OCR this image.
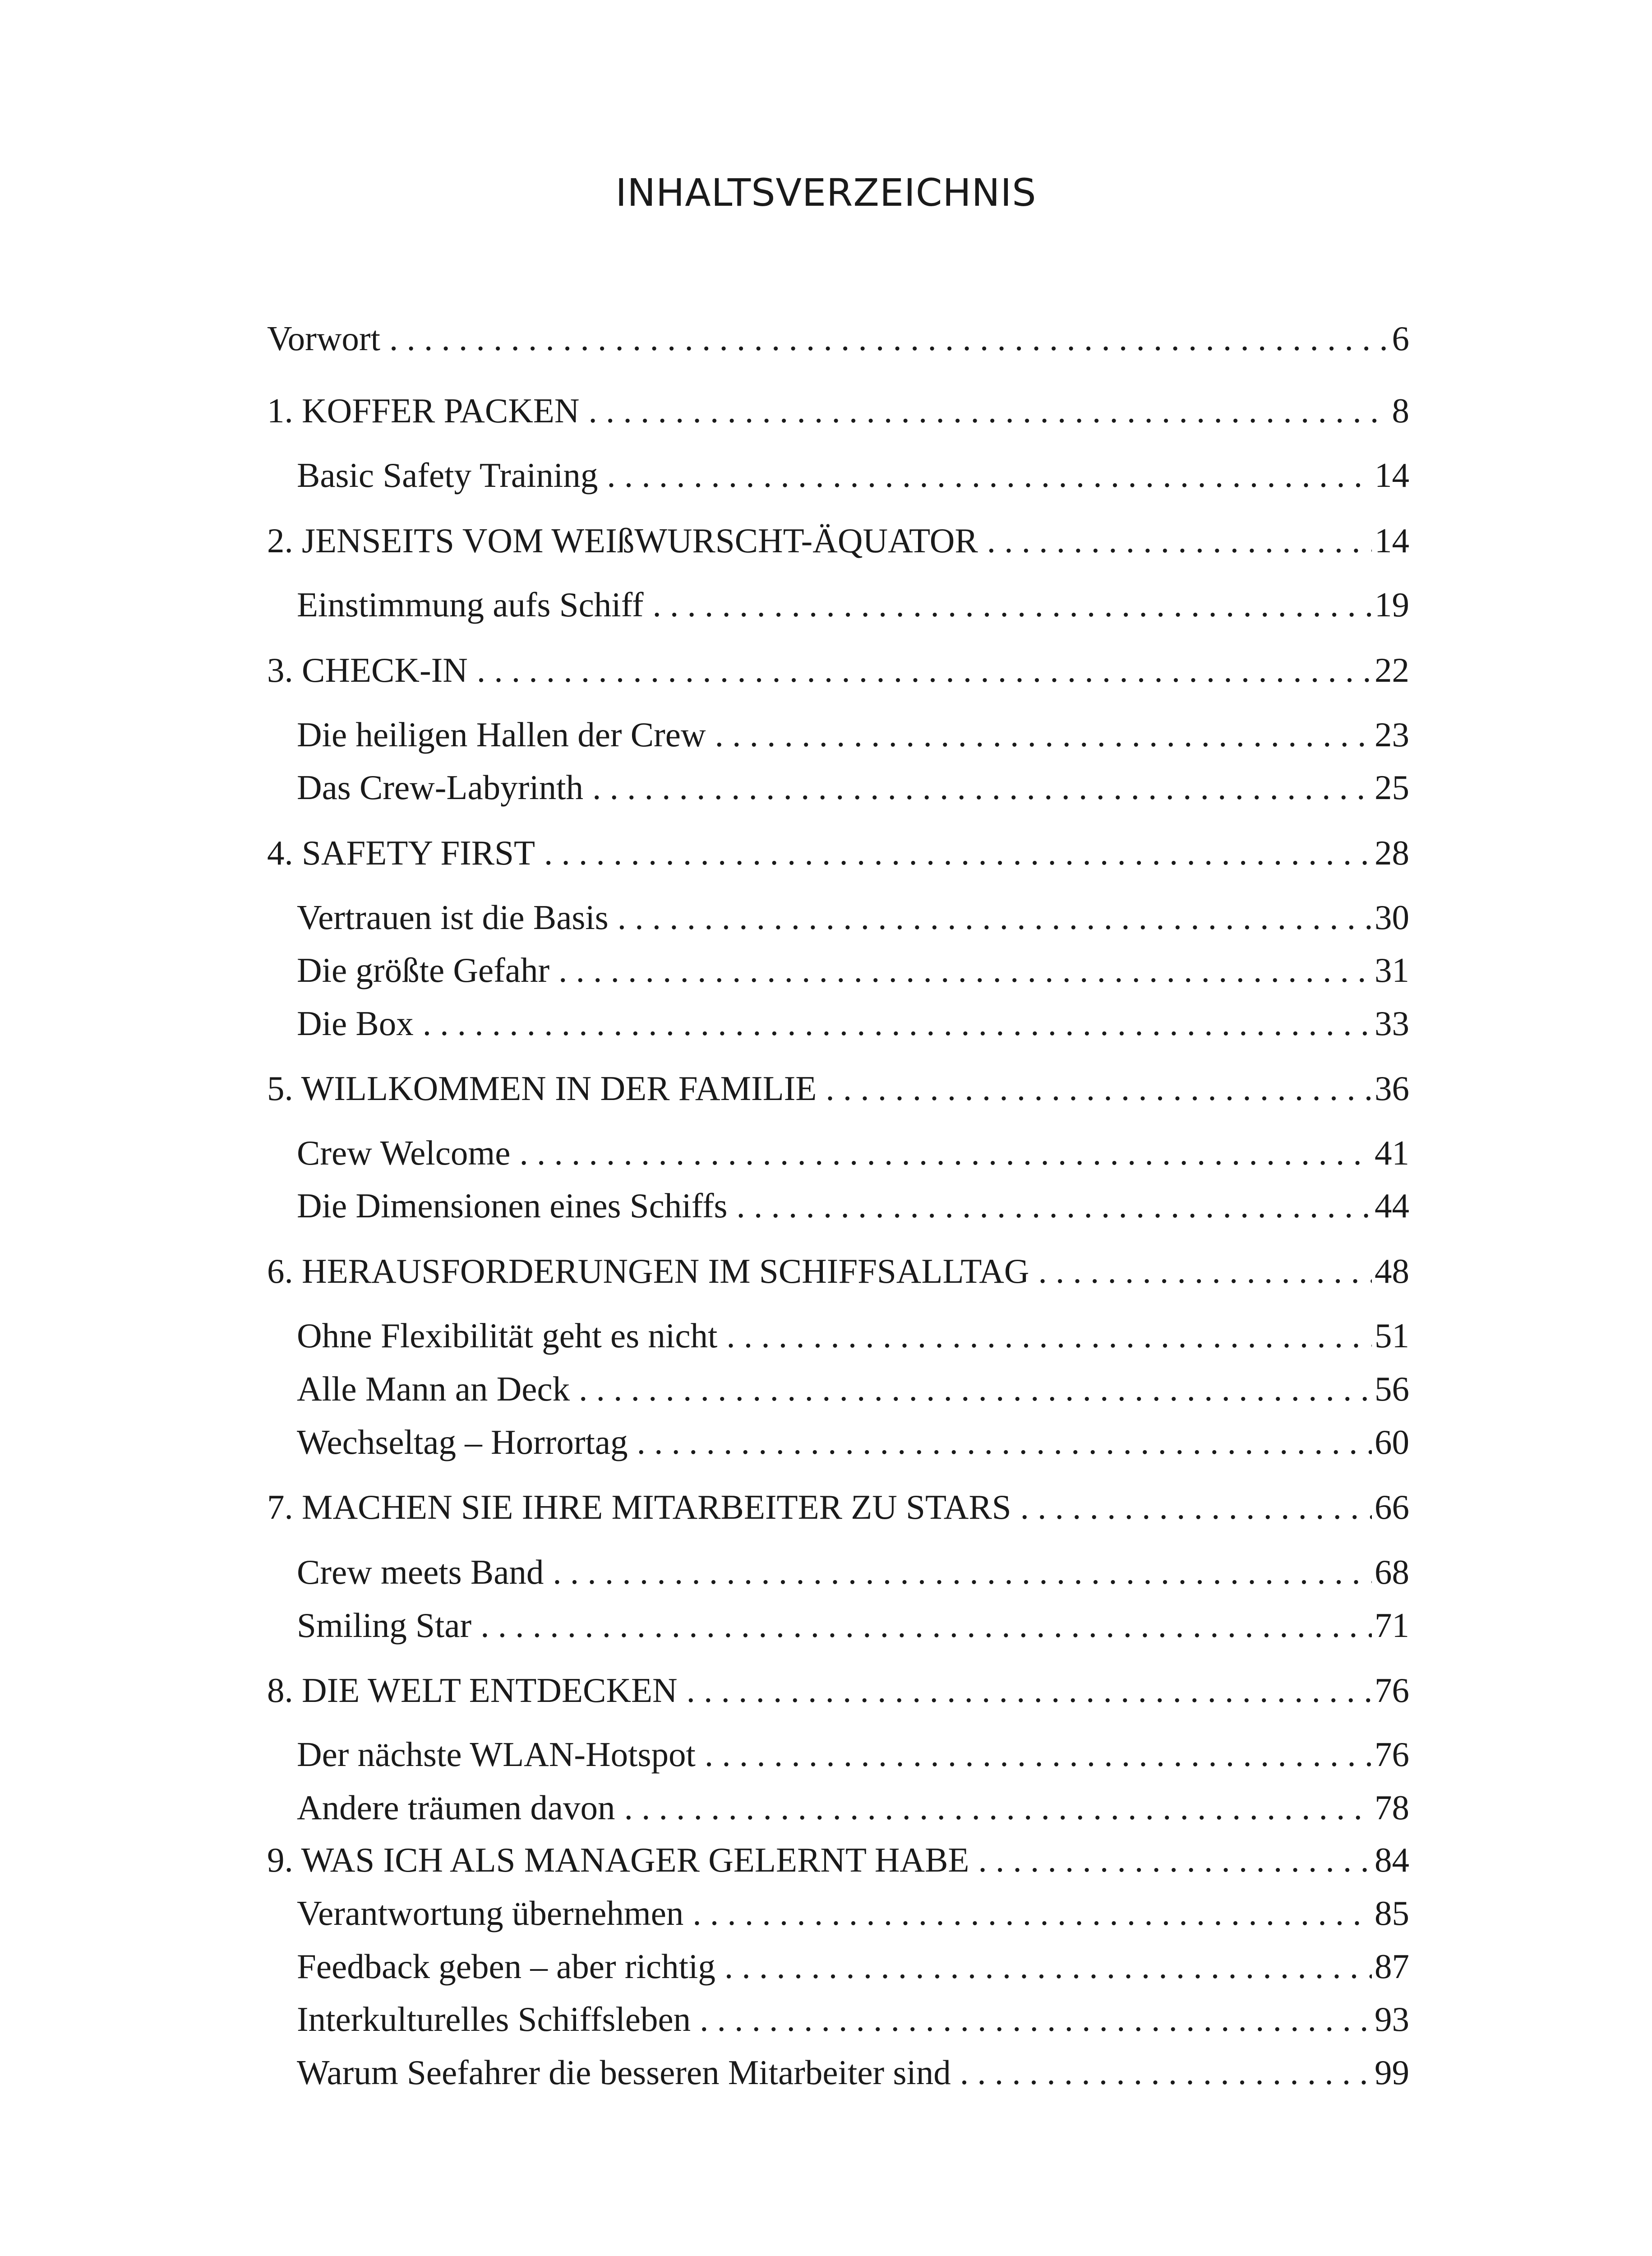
INHALTSVERZEICHNIS
Vorwort . . .	6
1. KOFFER PACKEN . . .	8
Basic Safety Training . . .	14
2. JENSEITS VOM WEIßWURSCHT-ÄQUATOR . . .	14
Einstimmung aufs Schiff . . .	19
3. CHECK-IN . . .	22
Die heiligen Hallen der Crew . . .	23
Das Crew-Labyrinth . . .	25
4. SAFETY FIRST . . .	28
Vertrauen ist die Basis . . .	30
Die größte Gefahr . . .	31
Die Box . . .	33
5. WILLKOMMEN IN DER FAMILIE . . .	36
Crew Welcome . . .	41
Die Dimensionen eines Schiffs . . .	44
6. HERAUSFORDERUNGEN IM SCHIFFSALLTAG . . .	48
Ohne Flexibilität geht es nicht . . .	51
Alle Mann an Deck . . .	56
Wechseltag – Horrortag . . .	60
7. MACHEN SIE IHRE MITARBEITER ZU STARS . . .	66
Crew meets Band . . .	68
Smiling Star . . .	71
8. DIE WELT ENTDECKEN . . .	76
Der nächste WLAN-Hotspot . . .	76
Andere träumen davon . . .	78
9. WAS ICH ALS MANAGER GELERNT HABE . . .	84
Verantwortung übernehmen . . .	85
Feedback geben – aber richtig . . .	87
Interkulturelles Schiffsleben . . .	93
Warum Seefahrer die besseren Mitarbeiter sind . . .	99
